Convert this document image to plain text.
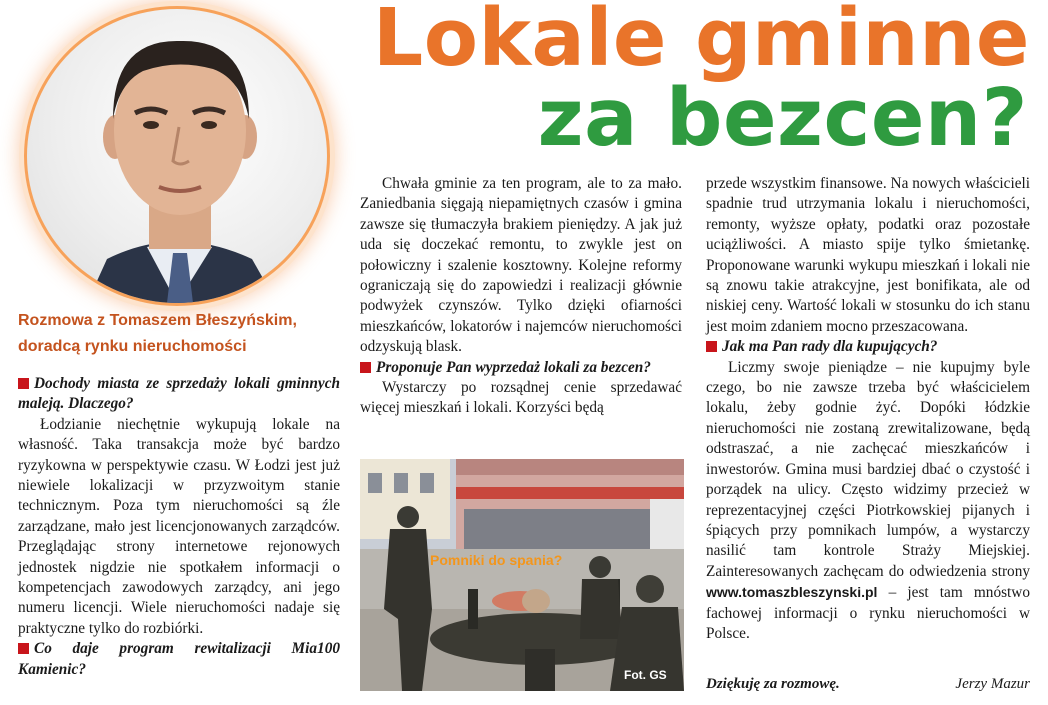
Lokale gminne
za bezcen?
Rozmowa z Tomaszem Błeszyńskim,
doradcą rynku nieruchomości
Dochody miasta ze sprzedaży lokali gminnych maleją. Dlaczego?

Łodzianie niechętnie wykupują lokale na własność. Taka transakcja może być bardzo ryzykowna w perspektywie czasu. W Łodzi jest już niewiele lokalizacji w przyzwoitym stanie technicznym. Poza tym nieruchomości są źle zarządzane, mało jest licencjonowanych zarządców. Przeglądając strony internetowe rejonowych jednostek nigdzie nie spotkałem informacji o kompetencjach zawodowych zarządcy, ani jego numeru licencji. Wiele nieruchomości nadaje się praktyczne tylko do rozbiórki.

Co daje program rewitalizacji Mia100 Kamienic?

Chwała gminie za ten program, ale to za mało. Zaniedbania sięgają niepamiętnych czasów i gmina zawsze się tłumaczyła brakiem pieniędzy. A jak już uda się doczekać remontu, to zwykle jest on połowiczny i szalenie kosztowny. Kolejne reformy ograniczają się do zapowiedzi i realizacji głównie podwyżek czynszów. Tylko dzięki ofiarności mieszkańców, lokatorów i najemców nieruchomości odzyskują blask.

Proponuje Pan wyprzedaż lokali za bezcen?

Wystarczy po rozsądnej cenie sprzedawać więcej mieszkań i lokali. Korzyści będą

Pomniki do spania?
Fot. GS

przede wszystkim finansowe. Na nowych właścicieli spadnie trud utrzymania lokalu i nieruchomości, remonty, wyższe opłaty, podatki oraz pozostałe uciążliwości. A miasto spije tylko śmietankę. Proponowane warunki wykupu mieszkań i lokali nie są znowu takie atrakcyjne, jest bonifikata, ale od niskiej ceny. Wartość lokali w stosunku do ich stanu jest moim zdaniem mocno przeszacowana.

Jak ma Pan rady dla kupujących?

Liczmy swoje pieniądze – nie kupujmy byle czego, bo nie zawsze trzeba być właścicielem lokalu, żeby godnie żyć. Dopóki łódzkie nieruchomości nie zostaną zrewitalizowane, będą odstraszać, a nie zachęcać mieszkańców i inwestorów. Gmina musi bardziej dbać o czystość i porządek na ulicy. Często widzimy przecież w reprezentacyjnej części Piotrkowskiej pijanych i śpiących przy pomnikach lumpów, a wystarczy nasilić tam kontrole Straży Miejskiej. Zainteresowanych zachęcam do odwiedzenia strony www.tomaszbleszynski.pl – jest tam mnóstwo fachowej informacji o rynku nieruchomości w Polsce.

Dziękuję za rozmowę.	Jerzy Mazur
